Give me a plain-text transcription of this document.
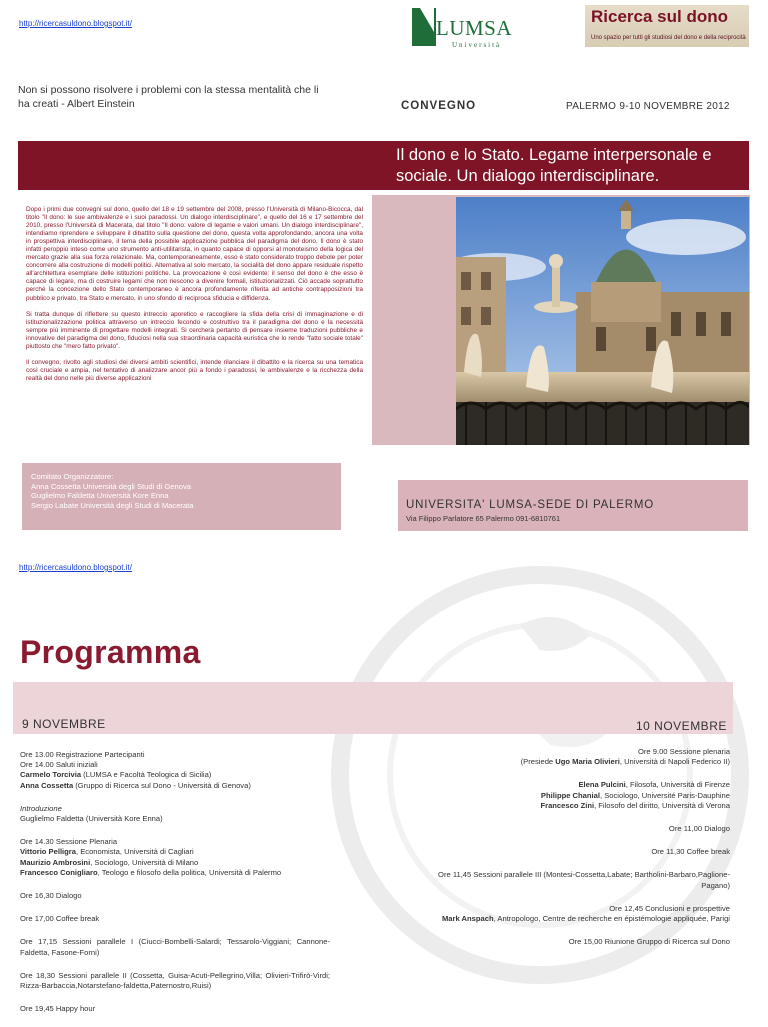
http://ricercasuldono.blogspot.it/	LUMSA
Università
Ricerca sul dono
Uno spazio per tutti gli studiosi del dono e della reciprocità
Non si possono risolvere i problemi con la stessa mentalità che li ha creati - Albert Einstein	CONVEGNO	PALERMO 9-10 NOVEMBRE 2012
Il dono e lo Stato. Legame interpersonale e sociale. Un dialogo interdisciplinare.

Dopo i primi due convegni sul dono, quello del 18 e 19 settembre del 2008, presso l'Università di Milano-Bicocca, dal titolo "Il dono: le sue ambivalenze e i suoi paradossi. Un dialogo interdisciplinare", e quello del 16 e 17 settembre del 2010, presso l'Università di Macerata, dal titolo "Il dono: valore di legame e valori umani. Un dialogo interdisciplinare", intendiamo riprendere e sviluppare il dibattito sulla questione del dono, questa volta approfondando, ancora una volta in prospettiva interdisciplinare, il tema della possibile applicazione pubblica del paradigma del dono. Il dono è stato infatti peroppiù inteso come uno strumento anti-utilitarista, in quanto capace di opporsi al monoteismo della logica del mercato grazie alla sua forza relazionale. Ma, contemporaneamente, esso è stato considerato troppo debole per poter concorrere alla costruzione di modelli politici. Alternativa al solo mercato, la socialità del dono appare residuale rispetto all'architettura esemplare delle istituzioni politiche. La provocazione è così evidente: il senso del dono è che esso è capace di legare, ma di costruire legami che non riescono a divenire formali, istituzionalizzati. Ciò accade soprattutto perché la concezione dello Stato contemporaneo è ancora profondamente riferita ad antiche contrapposizioni tra pubblico e privato, tra Stato e mercato, in uno sfondo di reciproca sfiducia e diffidenza.

Si tratta dunque di riflettere su questo intreccio aporetico e raccogliere la sfida della crisi di immaginazione e di istituzionalizzazione politica attraverso un intreccio fecondo e costruttivo tra il paradigma del dono e la necessità sempre più imminente di progettare modelli integrati. Si cercherà pertanto di pensare insieme traduzioni pubbliche e innovative del paradigma del dono, fiduciosi nella sua straordinaria capacità euristica che lo rende "fatto sociale totale" piuttosto che "mero fatto privato".

Il convegno, rivolto agli studiosi dei diversi ambiti scientifici, intende rilanciare il dibattito e la ricerca su una tematica così cruciale e ampia, nel tentativo di analizzare ancor più a fondo i paradossi, le ambivalenze e la ricchezza della realtà del dono nelle più diverse applicazioni

Comitato Organizzatore:
Anna Cossetta Università degli Studi di Genova
Guglielmo Faldetta Università Kore Enna
Sergio Labate Università degli Studi di Macerata	UNIVERSITA' LUMSA-SEDE DI PALERMO
Via Filippo Parlatore 65 Palermo 091-6810761
http://ricercasuldono.blogspot.it/
Programma
9 NOVEMBRE	10 NOVEMBRE
Ore 13.00 Registrazione Partecipanti
Ore 14.00 Saluti iniziali
Carmelo Torcivia (LUMSA e Facoltà Teologica di Sicilia)
Anna Cossetta (Gruppo di Ricerca sul Dono - Università di Genova)
Introduzione
Guglielmo Faldetta (Università Kore Enna)
Ore 14.30 Sessione Plenaria
Vittorio Pelligra, Economista, Università di Cagliari
Maurizio Ambrosini, Sociologo, Università di Milano
Francesco Conigliaro, Teologo e filosofo della politica, Università di Palermo
Ore 16,30 Dialogo
Ore 17,00 Coffee break
Ore 17,15 Sessioni parallele I (Ciucci-Bombelli-Salardi; Tessarolo-Viggiani; Cannone-Faldetta, Fasone-Forni)
Ore 18,30 Sessioni parallele II (Cossetta, Guisa-Acuti-Pellegrino,Villa; Olivieri-Trifirò-Virdi; Rizza-Barbaccia,Notarstefano-faldetta,Paternostro,Ruisi)
Ore 19,45 Happy hour
Ore 9.00 Sessione plenaria
(Presiede Ugo Maria Olivieri, Università di Napoli Federico II)
Elena Pulcini, Filosofa, Università di Firenze
Philippe Chanial, Sociologo, Université Paris-Dauphine
Francesco Zini, Filosofo del diritto, Università di Verona
Ore 11,00 Dialogo
Ore 11,30 Coffee break
Ore 11,45 Sessioni parallele III (Montesi-Cossetta,Labate; Bartholini-Barbaro,Paglione-Pagano)
Ore 12,45 Conclusioni e prospettive
Mark Anspach, Antropologo, Centre de recherche en épistémologie appliquée, Parigi
Ore 15,00 Riunione Gruppo di Ricerca sul Dono
